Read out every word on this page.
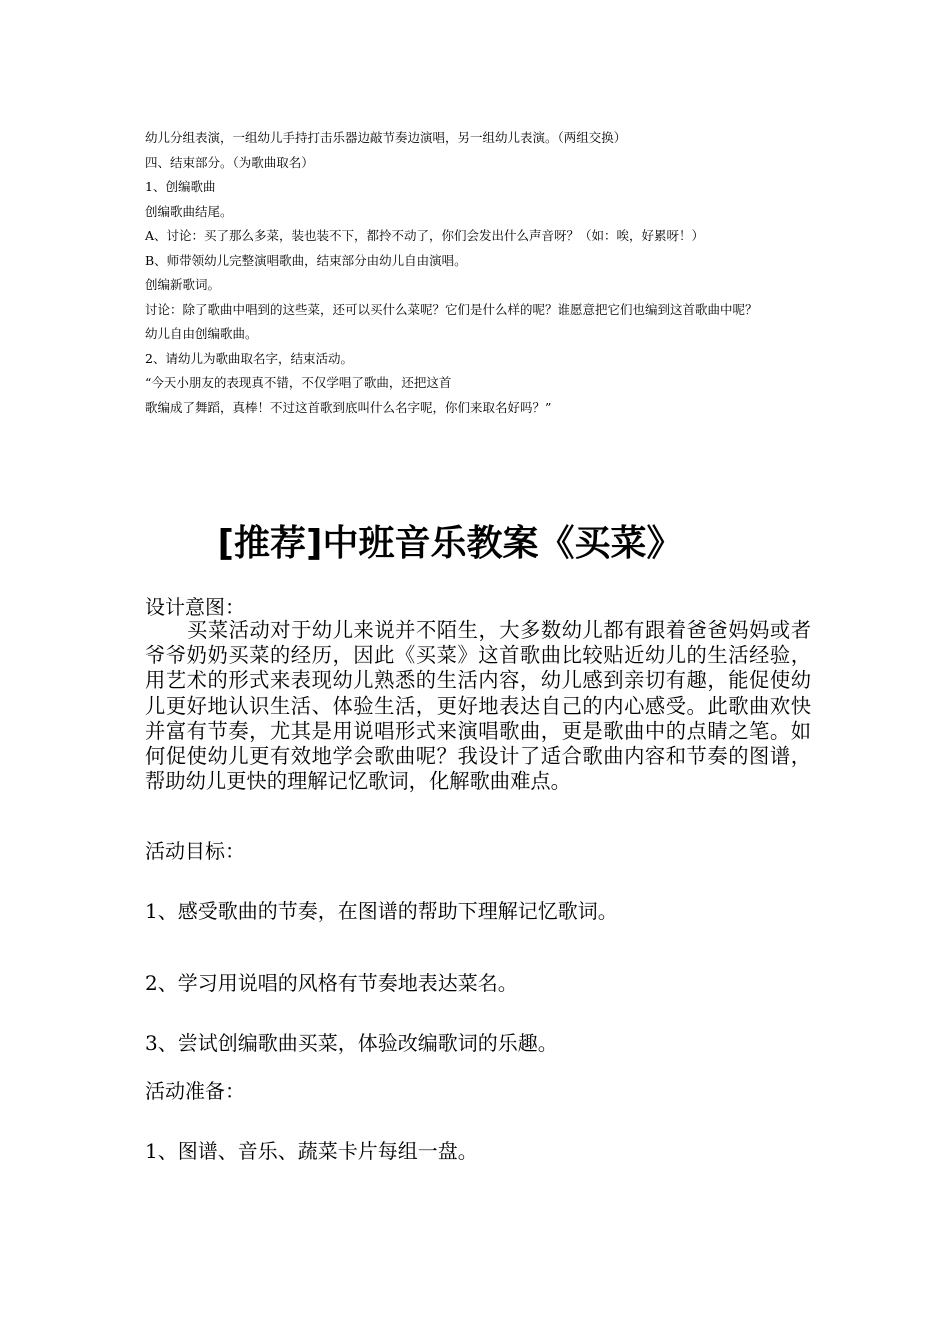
幼儿分组表演，一组幼儿手持打击乐器边敲节奏边演唱，另一组幼儿表演。（两组交换）

四、结束部分。（为歌曲取名）

1、创编歌曲

创编歌曲结尾。

A、讨论：买了那么多菜，装也装不下，都拎不动了，你们会发出什么声音呀？（如：唉，好累呀！）

B、师带领幼儿完整演唱歌曲，结束部分由幼儿自由演唱。

创编新歌词。

讨论：除了歌曲中唱到的这些菜，还可以买什么菜呢？它们是什么样的呢？谁愿意把它们也编到这首歌曲中呢？

幼儿自由创编歌曲。

2、请幼儿为歌曲取名字，结束活动。

“今天小朋友的表现真不错，不仅学唱了歌曲，还把这首

歌编成了舞蹈，真棒！不过这首歌到底叫什么名字呢，你们来取名好吗？”

[推荐]中班音乐教案《买菜》

设计意图：

买菜活动对于幼儿来说并不陌生，大多数幼儿都有跟着爸爸妈妈或者爷爷奶奶买菜的经历，因此《买菜》这首歌曲比较贴近幼儿的生活经验，用艺术的形式来表现幼儿熟悉的生活内容，幼儿感到亲切有趣，能促使幼儿更好地认识生活、体验生活，更好地表达自己的内心感受。此歌曲欢快并富有节奏，尤其是用说唱形式来演唱歌曲，更是歌曲中的点睛之笔。如何促使幼儿更有效地学会歌曲呢？我设计了适合歌曲内容和节奏的图谱，帮助幼儿更快的理解记忆歌词，化解歌曲难点。

活动目标：

1、感受歌曲的节奏，在图谱的帮助下理解记忆歌词。

2、学习用说唱的风格有节奏地表达菜名。

3、尝试创编歌曲买菜，体验改编歌词的乐趣。

活动准备：

1、图谱、音乐、蔬菜卡片每组一盘。
